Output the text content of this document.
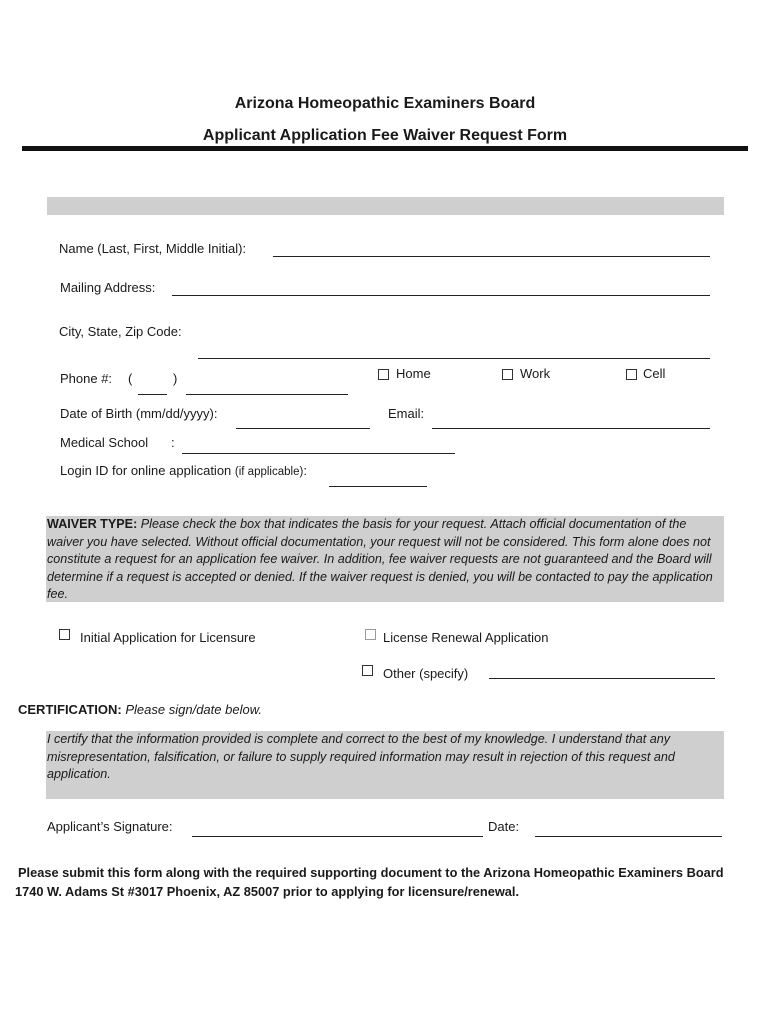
Arizona Homeopathic Examiners Board
Applicant Application Fee Waiver Request Form
Name (Last, First, Middle Initial):
Mailing Address:
City, State, Zip Code:
Phone #: (	)	Home	Work	Cell
Date of Birth (mm/dd/yyyy):	Email:
Medical School :
Login ID for online application (if applicable):
WAIVER TYPE: Please check the box that indicates the basis for your request. Attach official documentation of the waiver you have selected. Without official documentation, your request will not be considered. This form alone does not constitute a request for an application fee waiver. In addition, fee waiver requests are not guaranteed and the Board will determine if a request is accepted or denied. If the waiver request is denied, you will be contacted to pay the application fee.
Initial Application for Licensure	License Renewal Application
Other (specify)
CERTIFICATION: Please sign/date below.
I certify that the information provided is complete and correct to the best of my knowledge. I understand that any misrepresentation, falsification, or failure to supply required information may result in rejection of this request and application.
Applicant’s Signature:	Date:
Please submit this form along with the required supporting document to the Arizona Homeopathic Examiners Board 1740 W. Adams St #3017 Phoenix, AZ 85007 prior to applying for licensure/renewal.
